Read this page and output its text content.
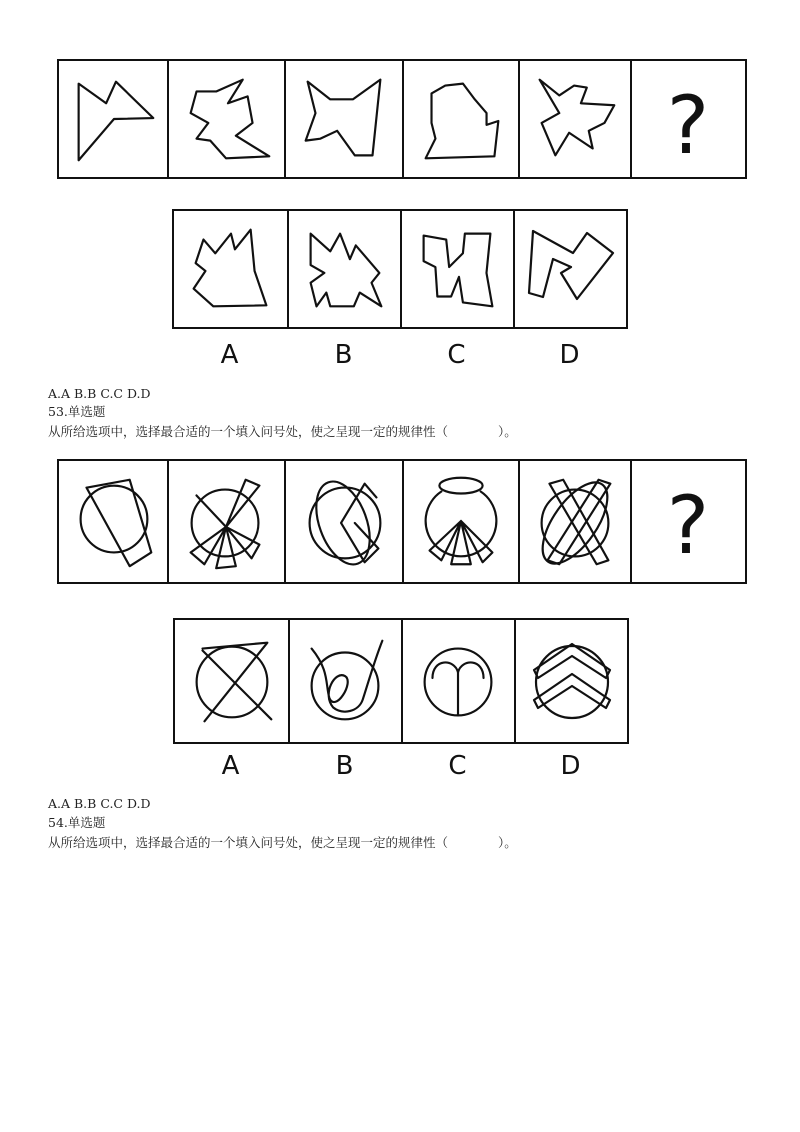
?
A	B	C	D
A.A B.B C.C D.D
53.单选题
从所给选项中，选择最合适的一个填入问号处，使之呈现一定的规律性（　　　　）。
?
A	B	C	D
A.A B.B C.C D.D
54.单选题
从所给选项中，选择最合适的一个填入问号处，使之呈现一定的规律性（　　　　）。
